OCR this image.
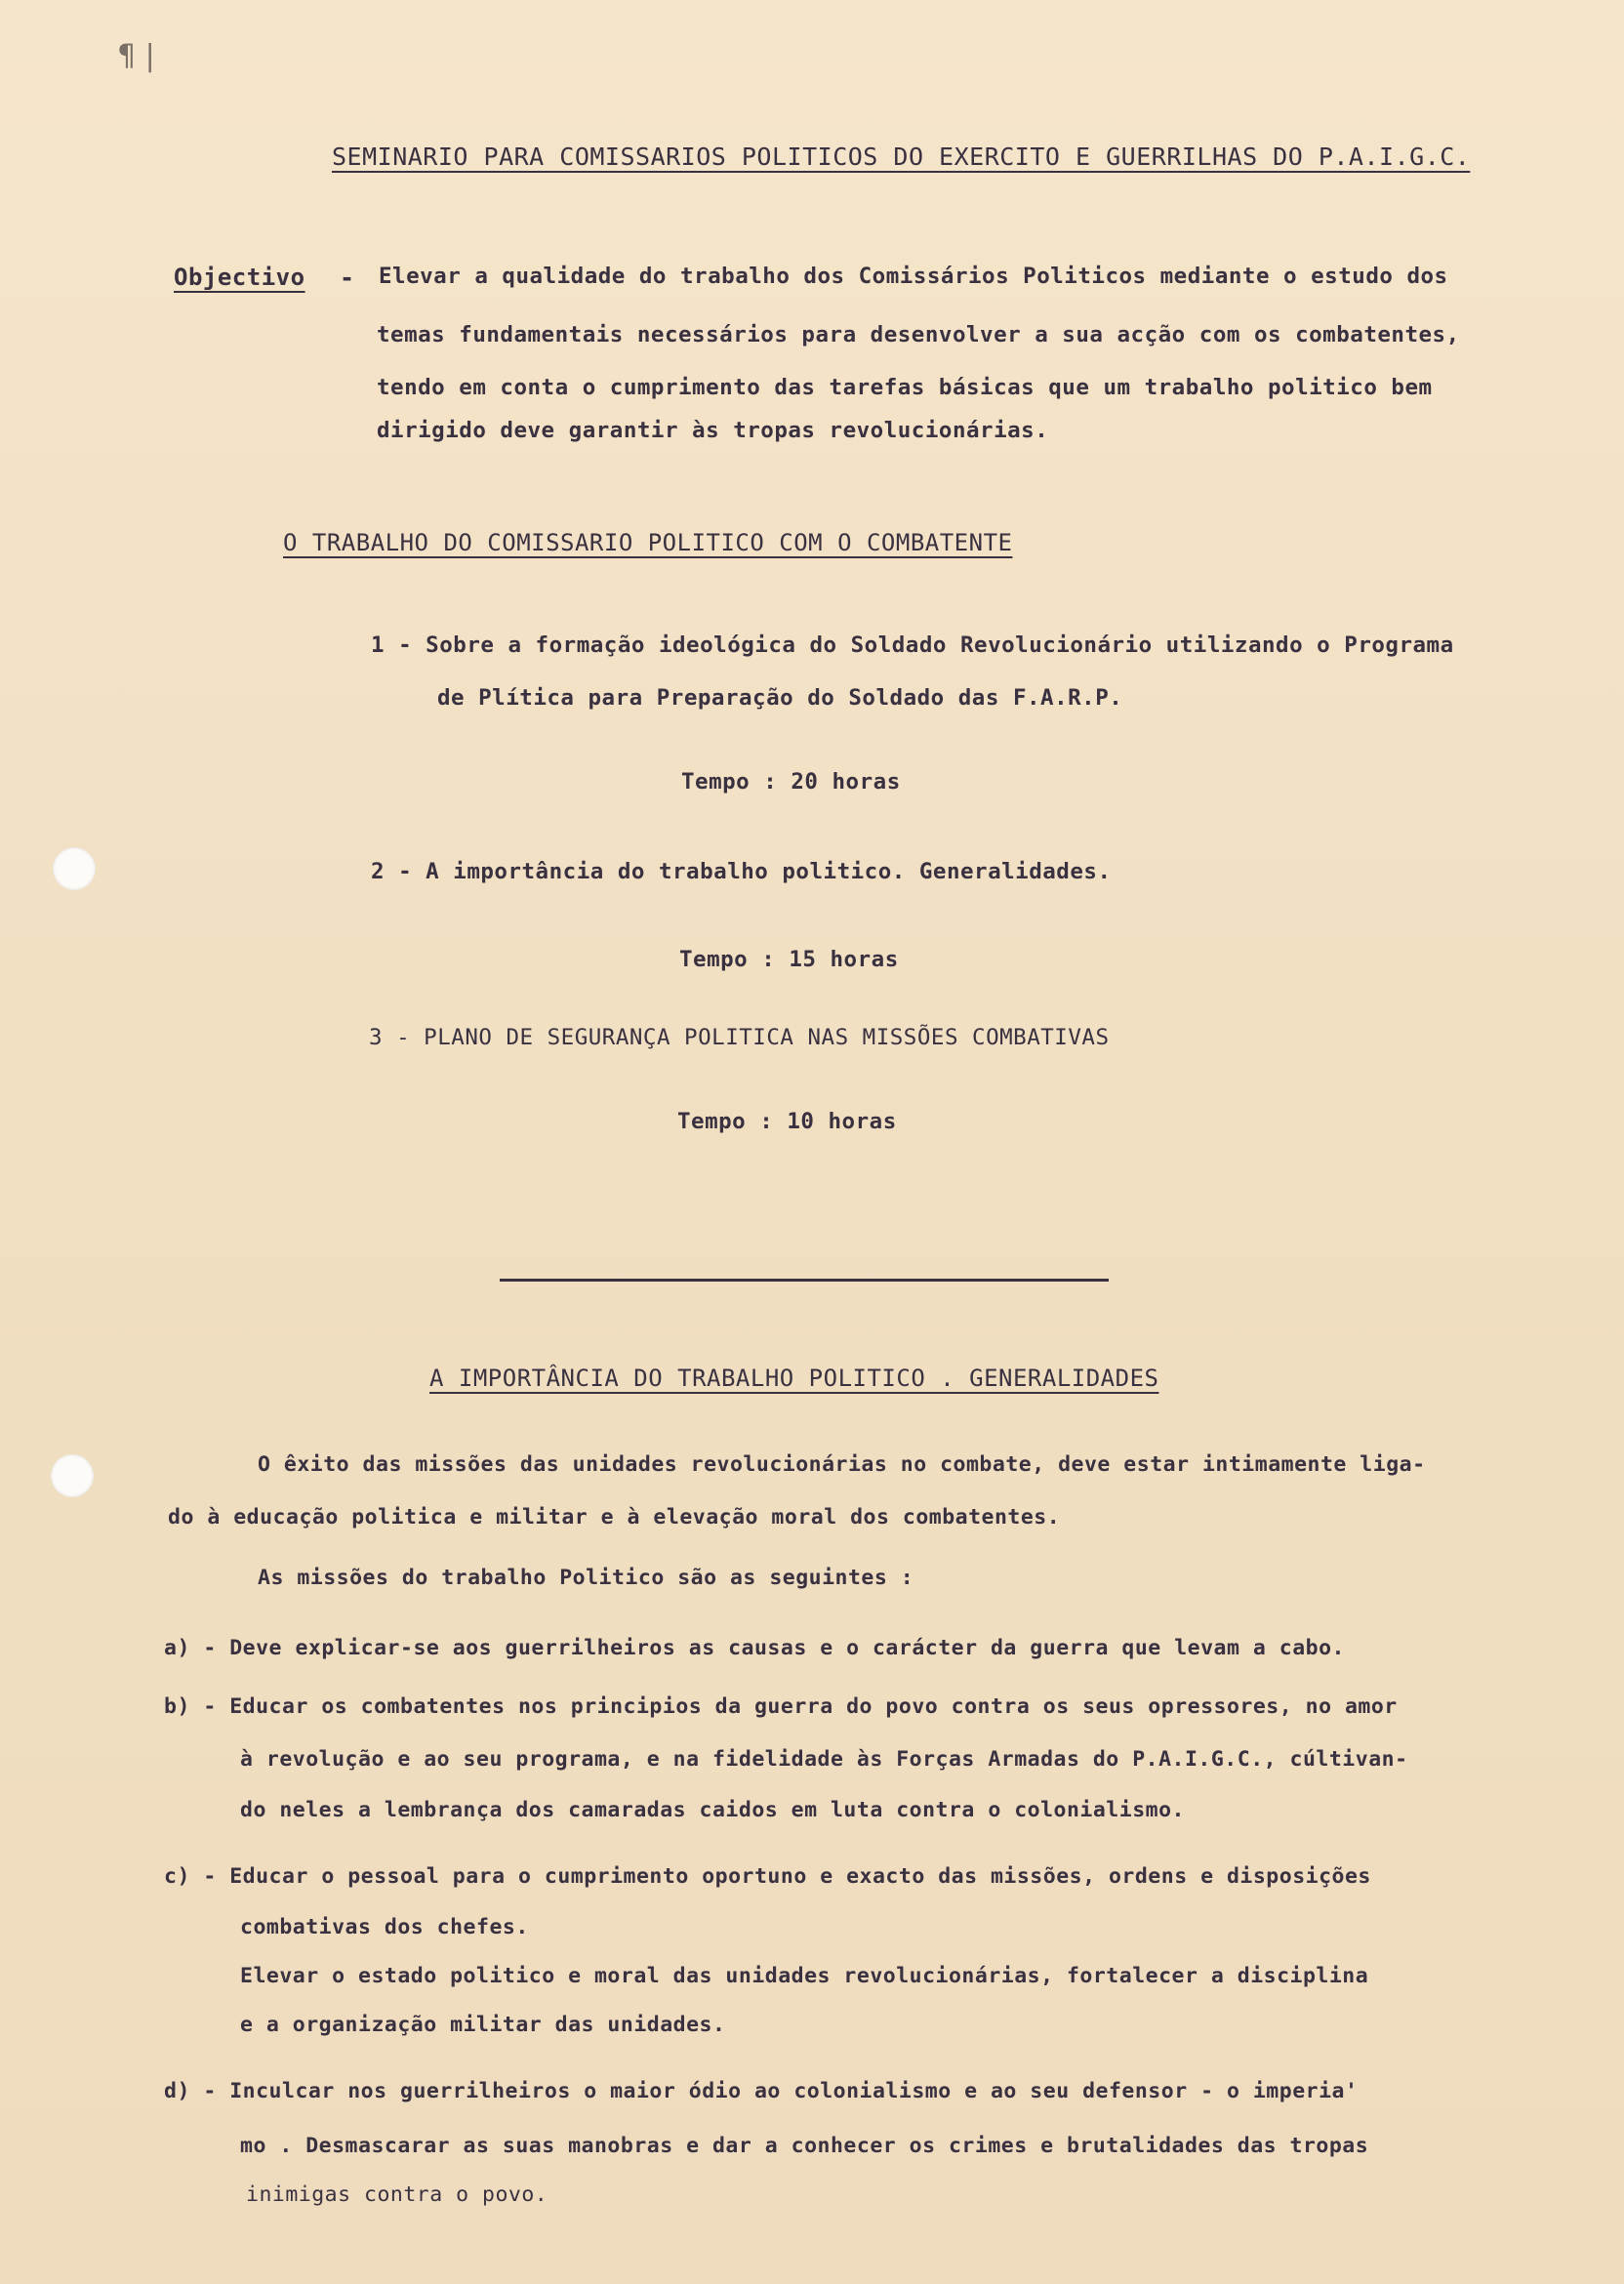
¶ |
SEMINARIO PARA COMISSARIOS POLITICOS DO EXERCITO E GUERRILHAS DO P.A.I.G.C.
Objectivo - Elevar a qualidade do trabalho dos Comissários Politicos mediante o estudo dos
temas fundamentais necessários para desenvolver a sua acção com os combatentes,
tendo em conta o cumprimento das tarefas básicas que um trabalho politico bem
dirigido deve garantir às tropas revolucionárias.
O TRABALHO DO COMISSARIO POLITICO COM O COMBATENTE
1 - Sobre a formação ideológica do Soldado Revolucionário utilizando o Programa
de Plítica para Preparação do Soldado das F.A.R.P.
Tempo : 20 horas
2 - A importância do trabalho politico. Generalidades.
Tempo : 15 horas
3 - PLANO DE SEGURANÇA POLITICA NAS MISSÕES COMBATIVAS
Tempo : 10 horas
A IMPORTÂNCIA DO TRABALHO POLITICO . GENERALIDADES
O êxito das missões das unidades revolucionárias no combate, deve estar intimamente liga-
do à educação politica e militar e à elevação moral dos combatentes.
As missões do trabalho Politico são as seguintes :
a) - Deve explicar-se aos guerrilheiros as causas e o carácter da guerra que levam a cabo.
b) - Educar os combatentes nos principios da guerra do povo contra os seus opressores, no amor
à revolução e ao seu programa, e na fidelidade às Forças Armadas do P.A.I.G.C., cúltivan-
do neles a lembrança dos camaradas caidos em luta contra o colonialismo.
c) - Educar o pessoal para o cumprimento oportuno e exacto das missões, ordens e disposições
combativas dos chefes.
Elevar o estado politico e moral das unidades revolucionárias, fortalecer a disciplina
e a organização militar das unidades.
d) - Inculcar nos guerrilheiros o maior ódio ao colonialismo e ao seu defensor - o imperia'
mo . Desmascarar as suas manobras e dar a conhecer os crimes e brutalidades das tropas
inimigas contra o povo.
